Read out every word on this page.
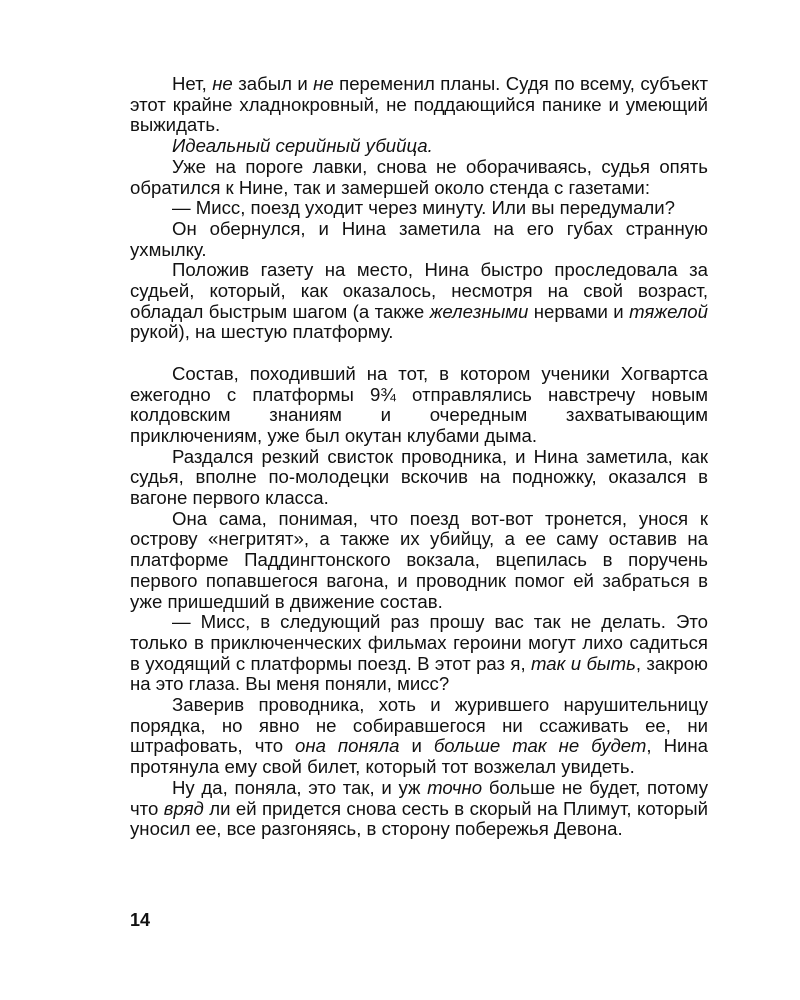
Нет, не забыл и не переменил планы. Судя по всему, субъект этот крайне хладнокровный, не поддающийся панике и умеющий выжидать.

Идеальный серийный убийца.

Уже на пороге лавки, снова не оборачиваясь, судья опять обратился к Нине, так и замершей около стенда с газетами:

— Мисс, поезд уходит через минуту. Или вы передумали?

Он обернулся, и Нина заметила на его губах странную ухмылку.

Положив газету на место, Нина быстро проследовала за судьей, который, как оказалось, несмотря на свой возраст, обладал быстрым шагом (а также железными нервами и тяжелой рукой), на шестую платформу.

Состав, походивший на тот, в котором ученики Хогвартса ежегодно с платформы 9¾ отправлялись навстречу новым колдовским знаниям и очередным захватывающим приключениям, уже был окутан клубами дыма.

Раздался резкий свисток проводника, и Нина заметила, как судья, вполне по-молодецки вскочив на подножку, оказался в вагоне первого класса.

Она сама, понимая, что поезд вот-вот тронется, унося к острову «негритят», а также их убийцу, а ее саму оставив на платформе Паддингтонского вокзала, вцепилась в поручень первого попавшегося вагона, и проводник помог ей забраться в уже пришедший в движение состав.

— Мисс, в следующий раз прошу вас так не делать. Это только в приключенческих фильмах героини могут лихо садиться в уходящий с платформы поезд. В этот раз я, так и быть, закрою на это глаза. Вы меня поняли, мисс?

Заверив проводника, хоть и журившего нарушительницу порядка, но явно не собиравшегося ни ссаживать ее, ни штрафовать, что она поняла и больше так не будет, Нина протянула ему свой билет, который тот возжелал увидеть.

Ну да, поняла, это так, и уж точно больше не будет, потому что вряд ли ей придется снова сесть в скорый на Плимут, который уносил ее, все разгоняясь, в сторону побережья Девона.

14
